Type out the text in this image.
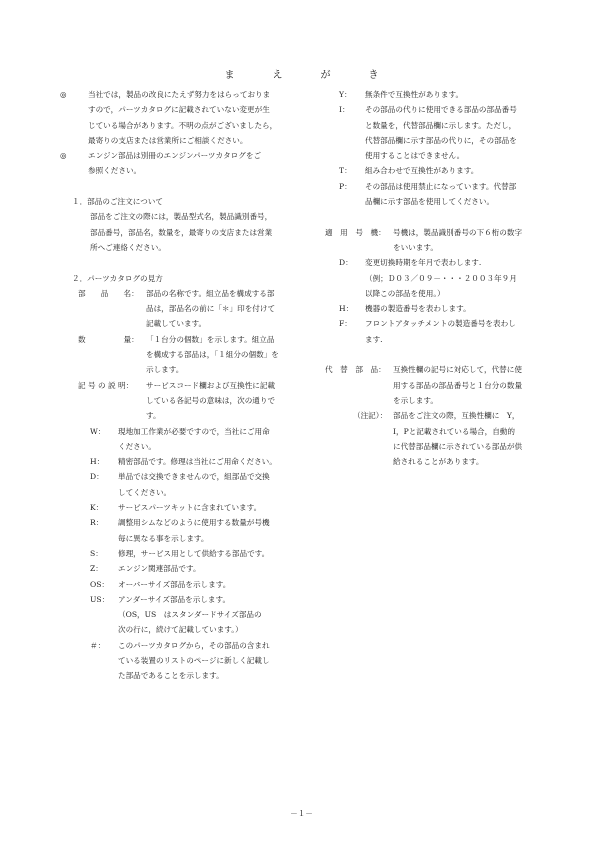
ま　え　が　き
◎	当社では，製品の改良にたえず努力をはらっておりま
すので，パーツカタログに記載されていない変更が生
じている場合があります。不明の点がございましたら，
最寄りの支店または営業所にご相談ください。
◎	エンジン部品は別冊のエンジンパーツカタログをご
参照ください。
１．部品のご注文について
部品をご注文の際には，製品型式名，製品識別番号，
部品番号，部品名，数量を，最寄りの支店または営業
所へご連絡ください。
２．パーツカタログの見方
部　　品　　名： 部品の名称です。組立品を構成する部
品は，部品名の前に「＊」印を付けて
記載しています。
数　　　　　量： 「１台分の個数」を示します。組立品
を構成する部品は，「１組分の個数」を
示します。
記 号 の 説 明：	サービスコード欄および互換性に記載
している各記号の意味は，次の通りで
す。
W：	現地加工作業が必要ですので，当社にご用命
ください。
H：	精密部品です。修理は当社にご用命ください。
D：	単品では交換できませんので，組部品で交換
してください。
K：	サービスパーツキットに含まれています。
R：	調整用シムなどのように使用する数量が号機
毎に異なる事を示します。
S：	修理，サービス用として供給する部品です。
Z：	エンジン関連部品です。
OS：	オーバーサイズ部品を示します。
US：	アンダーサイズ部品を示します。
（OS，US　はスタンダードサイズ部品の
次の行に，続けて記載しています。）
＃：	このパーツカタログから，その部品の含まれ
ている装置のリストのページに新しく記載し
た部品であることを示します。
Y：	無条件で互換性があります。
I：	その部品の代りに使用できる部品の部品番号
と数量を，代替部品欄に示します。ただし，
代替部品欄に示す部品の代りに，その部品を
使用することはできません。
T：	組み合わせで互換性があります。
P：	その部品は使用禁止になっています。代替部
品欄に示す部品を使用してください。
適　用　号　機： 号機は，製品識別番号の下６桁の数字
をいいます。
D：	変更切換時期を年月で表わします.
（例；Ｄ０３／０９－・・・２００３年９月
以降この部品を使用。）
H：	機器の製造番号を表わします。
F：	フロントアタッチメントの製造番号を表わし
ます.
代　替　部　品： 互換性欄の記号に対応して，代替に使
用する部品の部品番号と１台分の数量
を示します。
（注記）： 部品をご注文の際，互換性欄に　Y，
I，Pと記載されている場合，自動的
に代替部品欄に示されている部品が供
給されることがあります。
－１－
